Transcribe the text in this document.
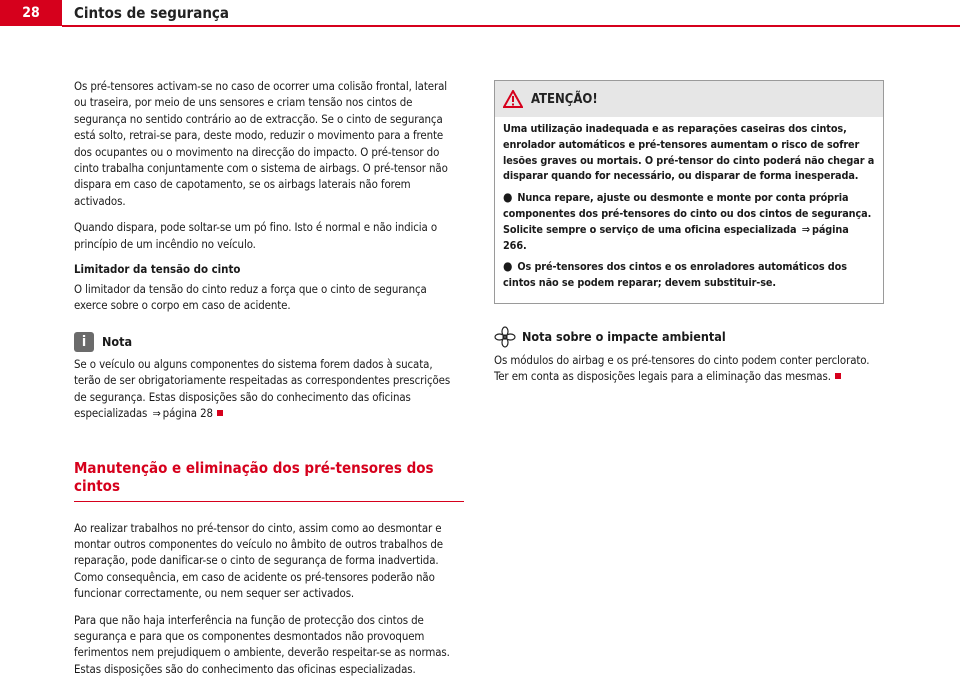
28	Cintos de segurança

Os pré-tensores activam-se no caso de ocorrer uma colisão frontal, lateral ou traseira, por meio de uns sensores e criam tensão nos cintos de segurança no sentido contrário ao de extracção. Se o cinto de segurança está solto, retrai-se para, deste modo, reduzir o movimento para a frente dos ocupantes ou o movimento na direcção do impacto. O pré-tensor do cinto trabalha conjuntamente com o sistema de airbags. O pré-tensor não dispara em caso de capotamento, se os airbags laterais não forem activados.

Quando dispara, pode soltar-se um pó fino. Isto é normal e não indicia o princípio de um incêndio no veículo.

Limitador da tensão do cinto

O limitador da tensão do cinto reduz a força que o cinto de segurança exerce sobre o corpo em caso de acidente.

i	Nota

Se o veículo ou alguns componentes do sistema forem dados à sucata, terão de ser obrigatoriamente respeitadas as correspondentes prescrições de segurança. Estas disposições são do conhecimento das oficinas especializadas ⇒ página 28

Manutenção e eliminação dos pré-tensores dos cintos

Ao realizar trabalhos no pré-tensor do cinto, assim como ao desmontar e montar outros componentes do veículo no âmbito de outros trabalhos de reparação, pode danificar-se o cinto de segurança de forma inadvertida. Como consequência, em caso de acidente os pré-tensores poderão não funcionar correctamente, ou nem sequer ser activados.

Para que não haja interferência na função de protecção dos cintos de segurança e para que os componentes desmontados não provoquem ferimentos nem prejudiquem o ambiente, deverão respeitar-se as normas. Estas disposições são do conhecimento das oficinas especializadas.

ATENÇÃO!

Uma utilização inadequada e as reparações caseiras dos cintos, enrolador automáticos e pré-tensores aumentam o risco de sofrer lesões graves ou mortais. O pré-tensor do cinto poderá não chegar a disparar quando for necessário, ou disparar de forma inesperada.

● Nunca repare, ajuste ou desmonte e monte por conta própria componentes dos pré-tensores do cinto ou dos cintos de segurança. Solicite sempre o serviço de uma oficina especializada ⇒ página 266.

● Os pré-tensores dos cintos e os enroladores automáticos dos cintos não se podem reparar; devem substituir-se.

Nota sobre o impacte ambiental

Os módulos do airbag e os pré-tensores do cinto podem conter perclorato. Ter em conta as disposições legais para a eliminação das mesmas.
